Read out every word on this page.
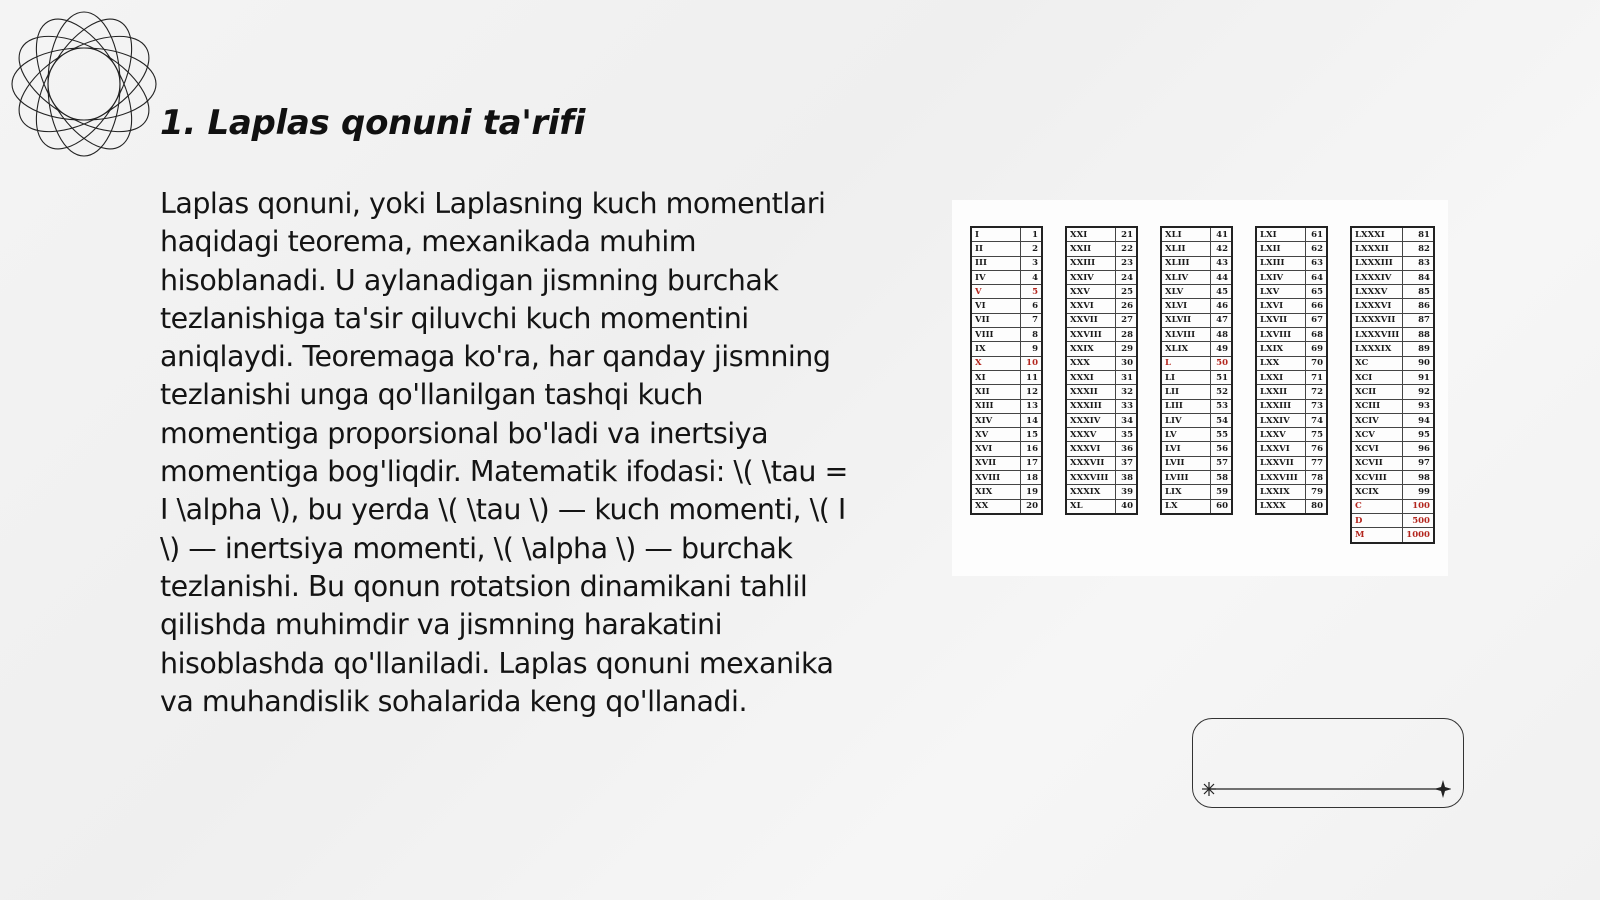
1. Laplas qonuni ta'rifi

Laplas qonuni, yoki Laplasning kuch momentlari haqidagi teorema, mexanikada muhim hisoblanadi. U aylanadigan jismning burchak tezlanishiga ta'sir qiluvchi kuch momentini aniqlaydi. Teoremaga ko'ra, har qanday jismning tezlanishi unga qo'llanilgan tashqi kuch momentiga proporsional bo'ladi va inertsiya momentiga bog'liqdir. Matematik ifodasi: \( \tau = I \alpha \), bu yerda \( \tau \) — kuch momenti, \( I \) — inertsiya momenti, \( \alpha \) — burchak tezlanishi. Bu qonun rotatsion dinamikani tahlil qilishda muhimdir va jismning harakatini hisoblashda qo'llaniladi. Laplas qonuni mexanika va muhandislik sohalarida keng qo'llanadi.

I	1
II	2
III	3
IV	4
V	5
VI	6
VII	7
VIII	8
IX	9
X	10
XI	11
XII	12
XIII	13
XIV	14
XV	15
XVI	16
XVII	17
XVIII	18
XIX	19
XX	20
XXI	21
XXII	22
XXIII	23
XXIV	24
XXV	25
XXVI	26
XXVII	27
XXVIII	28
XXIX	29
XXX	30
XXXI	31
XXXII	32
XXXIII	33
XXXIV	34
XXXV	35
XXXVI	36
XXXVII	37
XXXVIII	38
XXXIX	39
XL	40
XLI	41
XLII	42
XLIII	43
XLIV	44
XLV	45
XLVI	46
XLVII	47
XLVIII	48
XLIX	49
L	50
LI	51
LII	52
LIII	53
LIV	54
LV	55
LVI	56
LVII	57
LVIII	58
LIX	59
LX	60
LXI	61
LXII	62
LXIII	63
LXIV	64
LXV	65
LXVI	66
LXVII	67
LXVIII	68
LXIX	69
LXX	70
LXXI	71
LXXII	72
LXXIII	73
LXXIV	74
LXXV	75
LXXVI	76
LXXVII	77
LXXVIII	78
LXXIX	79
LXXX	80
LXXXI	81
LXXXII	82
LXXXIII	83
LXXXIV	84
LXXXV	85
LXXXVI	86
LXXXVII	87
LXXXVIII	88
LXXXIX	89
XC	90
XCI	91
XCII	92
XCIII	93
XCIV	94
XCV	95
XCVI	96
XCVII	97
XCVIII	98
XCIX	99
C	100
D	500
M	1000
